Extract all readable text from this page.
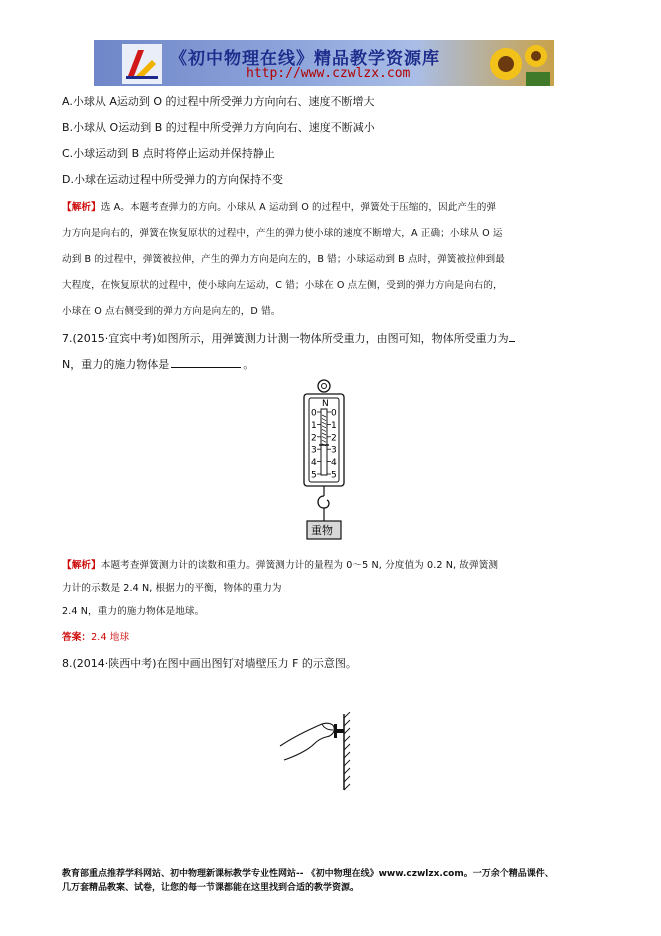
《初中物理在线》精品教学资源库
http://www.czwlzx.com
A.小球从 A运动到 O 的过程中所受弹力方向向右、速度不断增大
B.小球从 O运动到 B 的过程中所受弹力方向向右、速度不断减小
C.小球运动到 B 点时将停止运动并保持静止
D.小球在运动过程中所受弹力的方向保持不变
【解析】选 A。本题考查弹力的方向。小球从 A 运动到 O 的过程中，弹簧处于压缩的，因此产生的弹
力方向是向右的，弹簧在恢复原状的过程中，产生的弹力使小球的速度不断增大，A 正确；小球从 O 运
动到 B 的过程中，弹簧被拉伸，产生的弹力方向是向左的，B 错；小球运动到 B 点时，弹簧被拉伸到最
大程度，在恢复原状的过程中，使小球向左运动，C 错；小球在 O 点左侧，受到的弹力方向是向右的，
小球在 O 点右侧受到的弹力方向是向左的，D 错。
7.(2015·宜宾中考)如图所示，用弹簧测力计测一物体所受重力，由图可知，物体所受重力为
N，重力的施力物体是	。
N
0 0
1 1
2 2
3 3
4 4
5 5
重物
【解析】本题考查弹簧测力计的读数和重力。弹簧测力计的量程为 0～5 N, 分度值为 0.2 N, 故弹簧测
力计的示数是 2.4 N, 根据力的平衡，物体的重力为
2.4 N，重力的施力物体是地球。
答案：2.4 地球
8.(2014·陕西中考)在图中画出图钉对墙壁压力 F 的示意图。
教育部重点推荐学科网站、初中物理新课标教学专业性网站-- 《初中物理在线》www.czwlzx.com。一万余个精品课件、
几万套精品教案、试卷，让您的每一节课都能在这里找到合适的教学资源。
